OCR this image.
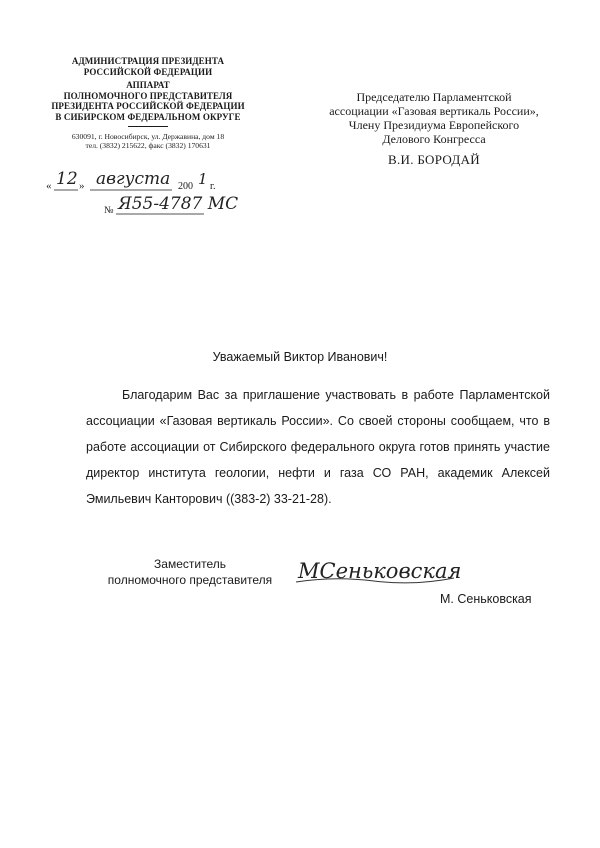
АДМИНИСТРАЦИЯ ПРЕЗИДЕНТА
РОССИЙСКОЙ ФЕДЕРАЦИИ
АППАРАТ
ПОЛНОМОЧНОГО ПРЕДСТАВИТЕЛЯ
ПРЕЗИДЕНТА РОССИЙСКОЙ ФЕДЕРАЦИИ
В СИБИРСКОМ ФЕДЕРАЛЬНОМ ОКРУГЕ
630091, г. Новосибирск, ул. Державина, дом 18
тел. (3832) 215622, факс (3832) 170631
« 12 » августа 200 1 г.
№ Я55-4787 МС
Председателю Парламентской
ассоциации «Газовая вертикаль России»,
Члену Президиума Европейского
Делового Конгресса
В.И. БОРОДАЙ
Уважаемый Виктор Иванович!
Благодарим Вас за приглашение участвовать в работе Парламентской ассоциации «Газовая вертикаль России». Со своей стороны сообщаем, что в работе ассоциации от Сибирского федерального округа готов принять участие директор института геологии, нефти и газа СО РАН, академик Алексей Эмильевич Канторович ((383-2) 33-21-28).
Заместитель
полномочного представителя	МСеньковская
М. Сеньковская
